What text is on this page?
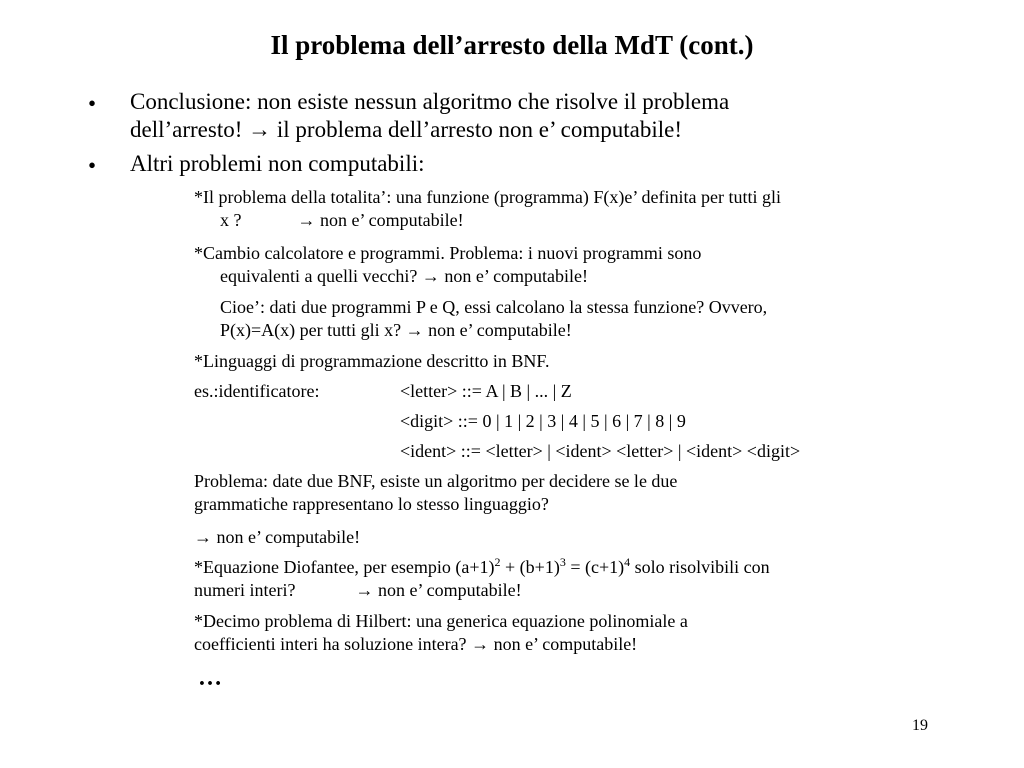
Il problema dell’arresto della MdT (cont.)
• Conclusione: non esiste nessun algoritmo che risolve il problema
dell’arresto! → il problema dell’arresto non e’ computabile!
• Altri problemi non computabili:
*Il problema della totalita’: una funzione (programma) F(x)e’ definita per tutti gli
x ?	→ non e’ computabile!
*Cambio calcolatore e programmi. Problema: i nuovi programmi sono
equivalenti a quelli vecchi? → non e’ computabile!
Cioe’: dati due programmi P e Q, essi calcolano la stessa funzione? Ovvero,
P(x)=A(x) per tutti gli x? → non e’ computabile!
*Linguaggi di programmazione descritto in BNF.
es.:identificatore:	<letter> ::= A | B | ... | Z
<digit> ::= 0 | 1 | 2 | 3 | 4 | 5 | 6 | 7 | 8 | 9
<ident> ::= <letter> | <ident> <letter> | <ident> <digit>
Problema: date due BNF, esiste un algoritmo per decidere se le due
grammatiche rappresentano lo stesso linguaggio?
→ non e’ computabile!
*Equazione Diofantee, per esempio $(a+1)^2 + (b+1)^3 = (c+1)^4$ solo risolvibili con
numeri interi?	→ non e’ computabile!
*Decimo problema di Hilbert: una generica equazione polinomiale a
coefficienti interi ha soluzione intera? → non e’ computabile!
…
19
